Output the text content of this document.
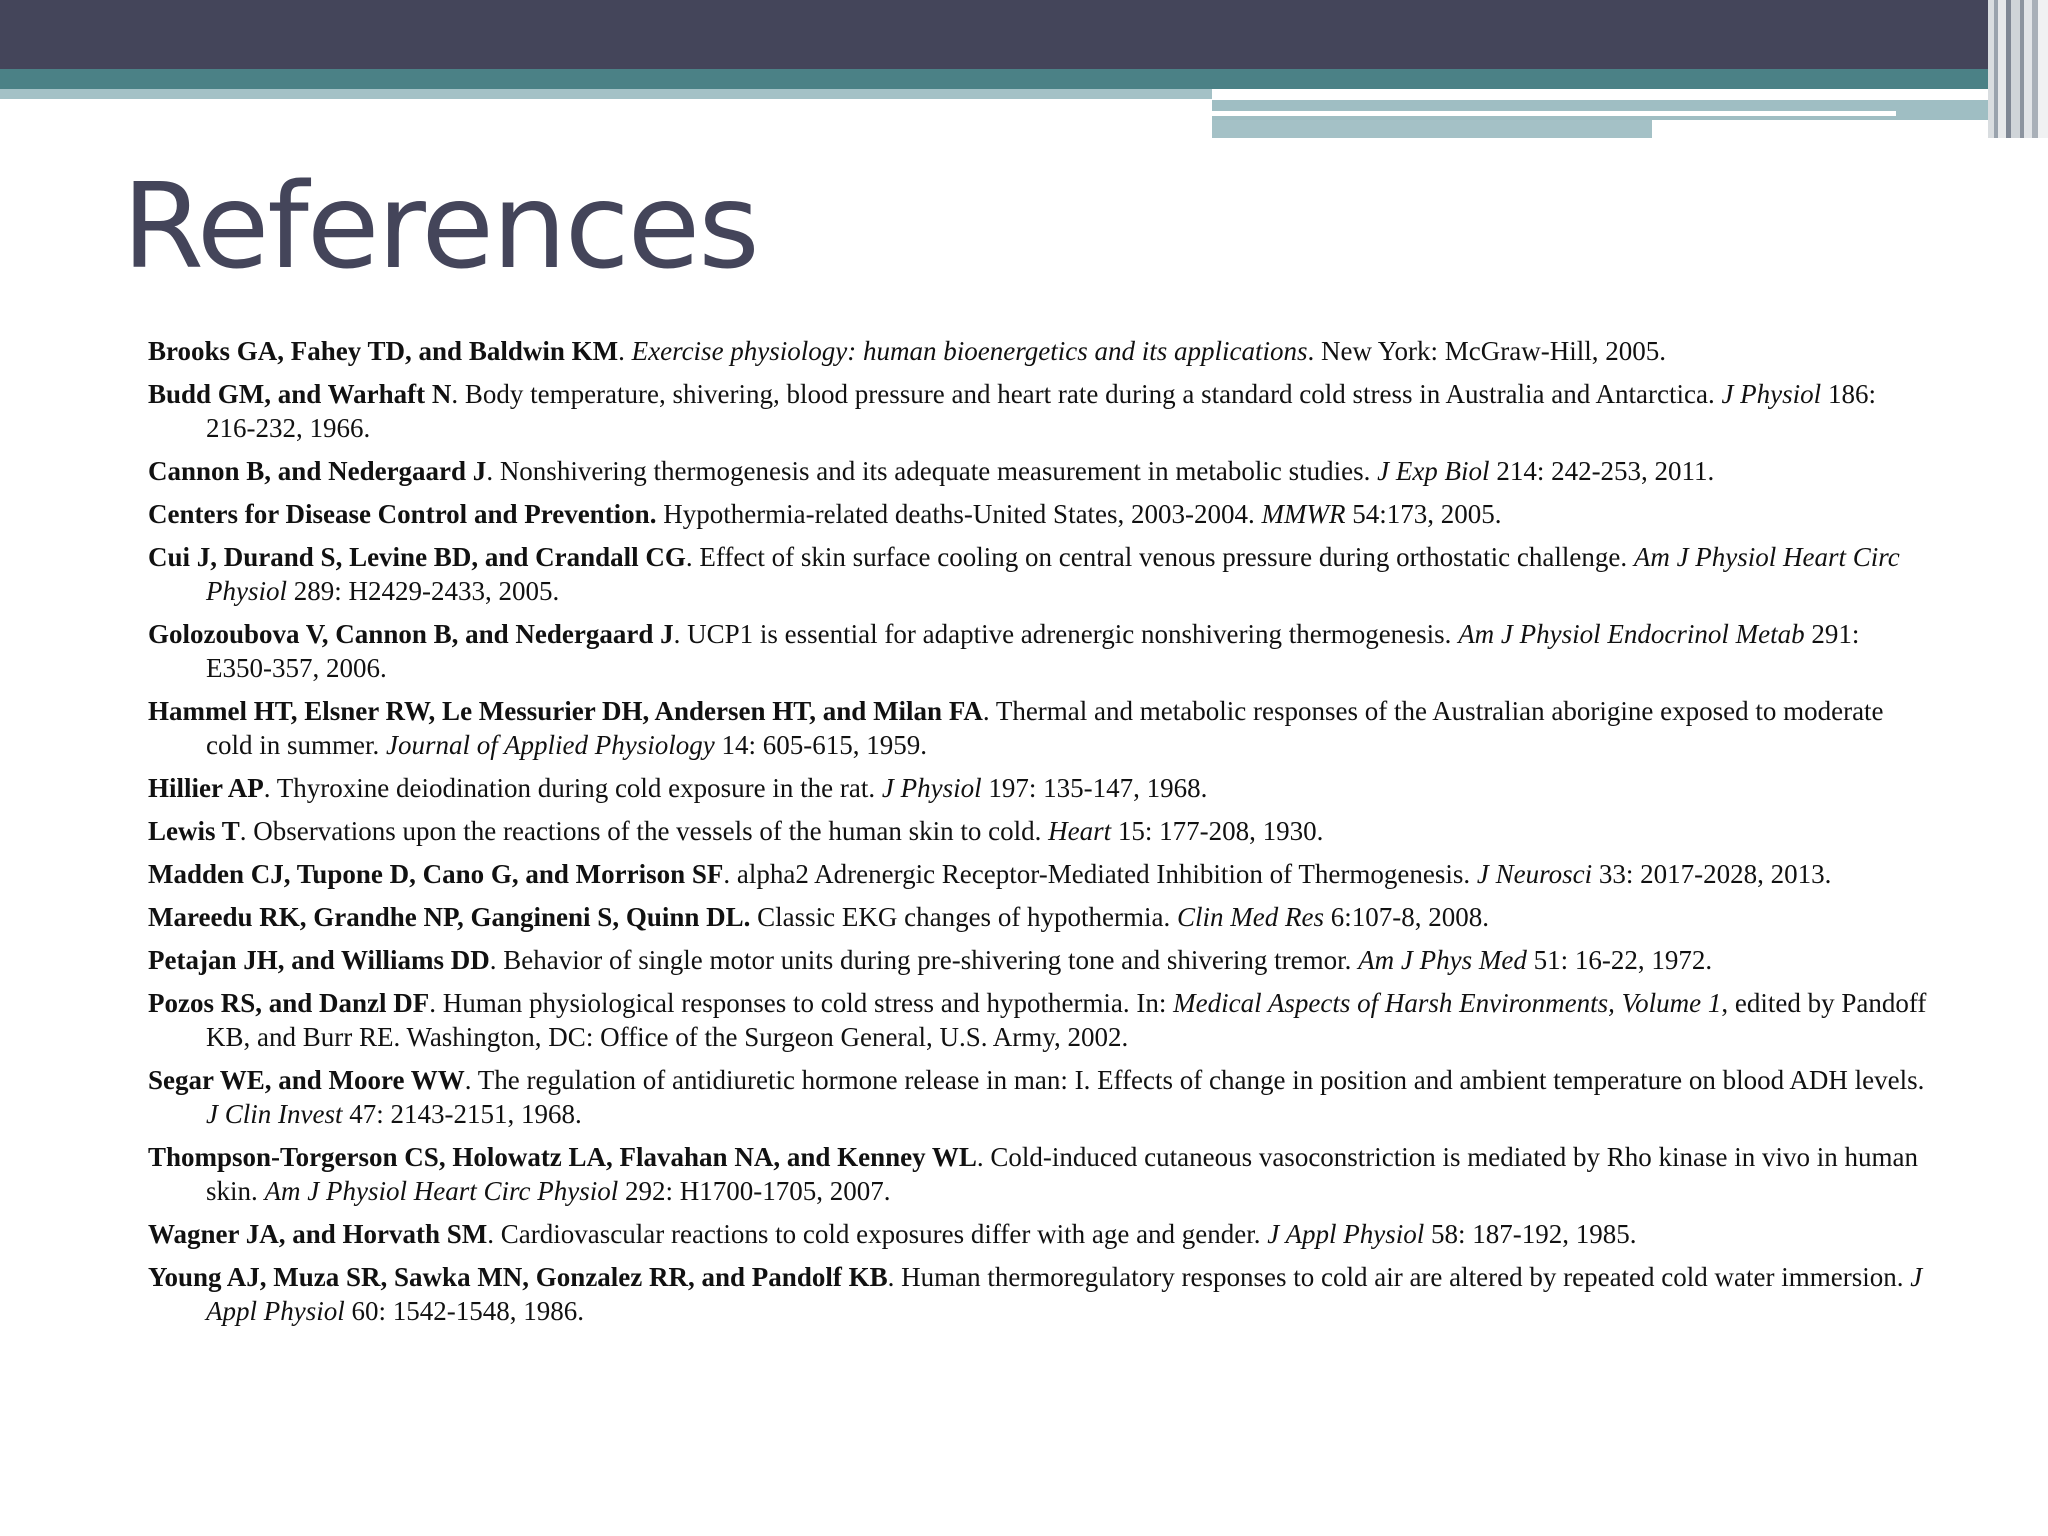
References
Brooks GA, Fahey TD, and Baldwin KM. Exercise physiology: human bioenergetics and its applications. New York: McGraw-Hill, 2005.
Budd GM, and Warhaft N. Body temperature, shivering, blood pressure and heart rate during a standard cold stress in Australia and Antarctica. J Physiol 186: 216-232, 1966.
Cannon B, and Nedergaard J. Nonshivering thermogenesis and its adequate measurement in metabolic studies. J Exp Biol 214: 242-253, 2011.
Centers for Disease Control and Prevention. Hypothermia-related deaths-United States, 2003-2004. MMWR 54:173, 2005.
Cui J, Durand S, Levine BD, and Crandall CG. Effect of skin surface cooling on central venous pressure during orthostatic challenge. Am J Physiol Heart Circ Physiol 289: H2429-2433, 2005.
Golozoubova V, Cannon B, and Nedergaard J. UCP1 is essential for adaptive adrenergic nonshivering thermogenesis. Am J Physiol Endocrinol Metab 291: E350-357, 2006.
Hammel HT, Elsner RW, Le Messurier DH, Andersen HT, and Milan FA. Thermal and metabolic responses of the Australian aborigine exposed to moderate cold in summer. Journal of Applied Physiology 14: 605-615, 1959.
Hillier AP. Thyroxine deiodination during cold exposure in the rat. J Physiol 197: 135-147, 1968.
Lewis T. Observations upon the reactions of the vessels of the human skin to cold. Heart 15: 177-208, 1930.
Madden CJ, Tupone D, Cano G, and Morrison SF. alpha2 Adrenergic Receptor-Mediated Inhibition of Thermogenesis. J Neurosci 33: 2017-2028, 2013.
Mareedu RK, Grandhe NP, Gangineni S, Quinn DL. Classic EKG changes of hypothermia. Clin Med Res 6:107-8, 2008.
Petajan JH, and Williams DD. Behavior of single motor units during pre-shivering tone and shivering tremor. Am J Phys Med 51: 16-22, 1972.
Pozos RS, and Danzl DF. Human physiological responses to cold stress and hypothermia. In: Medical Aspects of Harsh Environments, Volume 1, edited by Pandoff KB, and Burr RE. Washington, DC: Office of the Surgeon General, U.S. Army, 2002.
Segar WE, and Moore WW. The regulation of antidiuretic hormone release in man: I. Effects of change in position and ambient temperature on blood ADH levels. J Clin Invest 47: 2143-2151, 1968.
Thompson-Torgerson CS, Holowatz LA, Flavahan NA, and Kenney WL. Cold-induced cutaneous vasoconstriction is mediated by Rho kinase in vivo in human skin. Am J Physiol Heart Circ Physiol 292: H1700-1705, 2007.
Wagner JA, and Horvath SM. Cardiovascular reactions to cold exposures differ with age and gender. J Appl Physiol 58: 187-192, 1985.
Young AJ, Muza SR, Sawka MN, Gonzalez RR, and Pandolf KB. Human thermoregulatory responses to cold air are altered by repeated cold water immersion. J Appl Physiol 60: 1542-1548, 1986.
